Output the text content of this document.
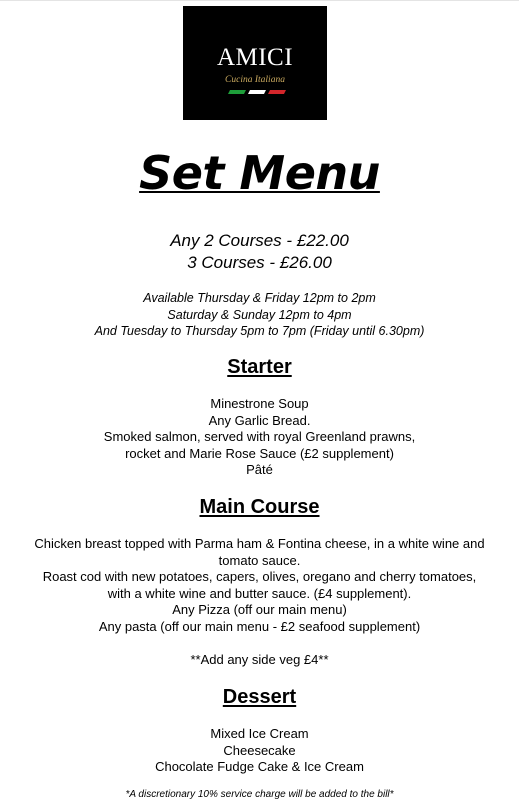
AMICI
Cucina Italiana
Set Menu
Any 2 Courses - £22.00
3 Courses - £26.00
Available Thursday & Friday 12pm to 2pm
Saturday & Sunday 12pm to 4pm
And Tuesday to Thursday 5pm to 7pm (Friday until 6.30pm)
Starter
Minestrone Soup
Any Garlic Bread.
Smoked salmon, served with royal Greenland prawns,
rocket and Marie Rose Sauce (£2 supplement)
Pâté
Main Course
Chicken breast topped with Parma ham & Fontina cheese, in a white wine and
tomato sauce.
Roast cod with new potatoes, capers, olives, oregano and cherry tomatoes,
with a white wine and butter sauce. (£4 supplement).
Any Pizza (off our main menu)
Any pasta (off our main menu - £2 seafood supplement)
**Add any side veg £4**
Dessert
Mixed Ice Cream
Cheesecake
Chocolate Fudge Cake & Ice Cream
*A discretionary 10% service charge will be added to the bill*
